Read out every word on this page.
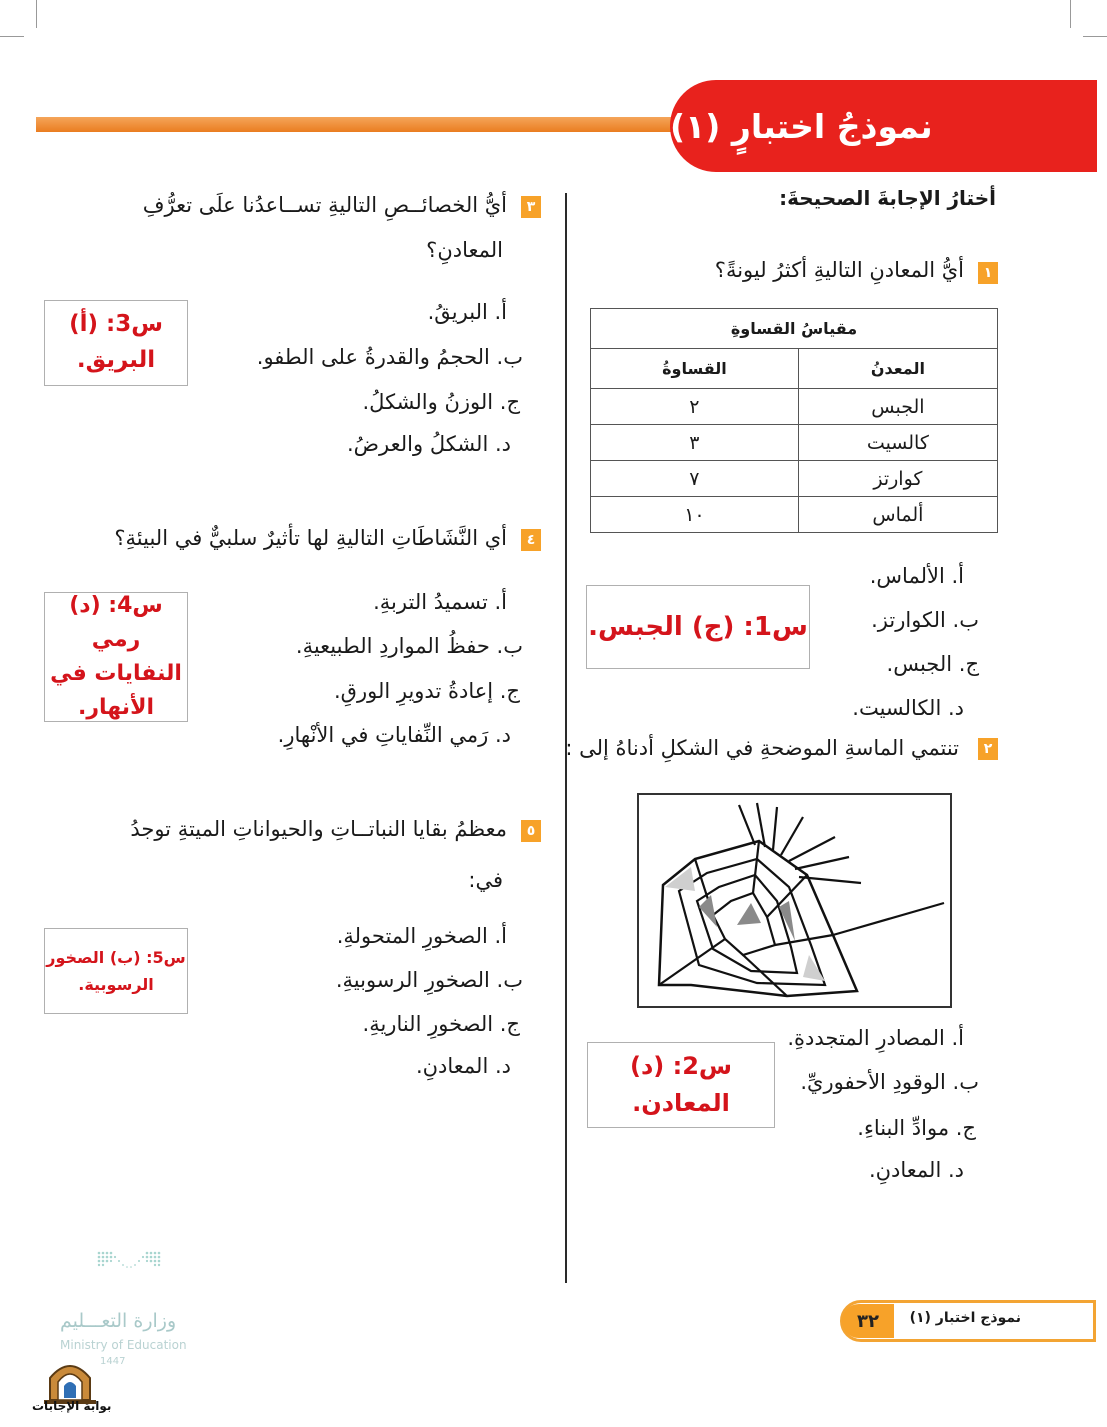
نموذجُ اختبارٍ (١)
أختارُ الإجابةَ الصحيحةَ:
١
أيُّ المعادنِ التاليةِ أكثرُ ليونةً؟
مقياسُ القساوةِ	
المعدنُ	القساوةُ
الجبس	٢
كالسيت	٣
كوارتز	٧
ألماس	١٠
أ. الألماس.
ب. الكوارتز.
ج. الجبس.
د. الكالسيت.
س1: (ج) الجبس.
٢
تنتمي الماسةِ الموضحةِ في الشكلِ أدناهُ إلى :
أ. المصادرِ المتجددةِ.
ب. الوقودِ الأحفوريِّ.
ج. موادِّ البناءِ.
د. المعادنِ.
س2: (د) المعادن.
٣
أيُّ الخصائــصِ التاليةِ تســاعدُنا علَى تعرُّفِ
المعادنِ؟
أ. البريقُ.
ب. الحجمُ والقدرةُ على الطفو.
ج. الوزنُ والشكلُ.
د. الشكلُ والعرضُ.
س3: (أ)
البريق.
٤
أي النَّشَاطَاتِ التاليةِ لها تأثيرٌ سلبيٌّ في البيئةِ؟
أ. تسميدُ التربةِ.
ب. حفظُ المواردِ الطبيعيةِ.
ج. إعادةُ تدويرِ الورقِ.
د. رَمي النِّفاياتِ في الأنْهارِ.
س4: (د) رمي
النفايات في
الأنهار.
٥
معظمُ بقايا النباتــاتِ والحيواناتِ الميتةِ توجدُ
في:
أ. الصخورِ المتحولةِ.
ب. الصخورِ الرسوبيةِ.
ج. الصخورِ الناريةِ.
د. المعادنِ.
س5: (ب) الصخور
الرسوبية.
٣٢	نموذج اختبار (١)
وزارة التعـــليم
Ministry of Education
1447
بوابة الإجابات
